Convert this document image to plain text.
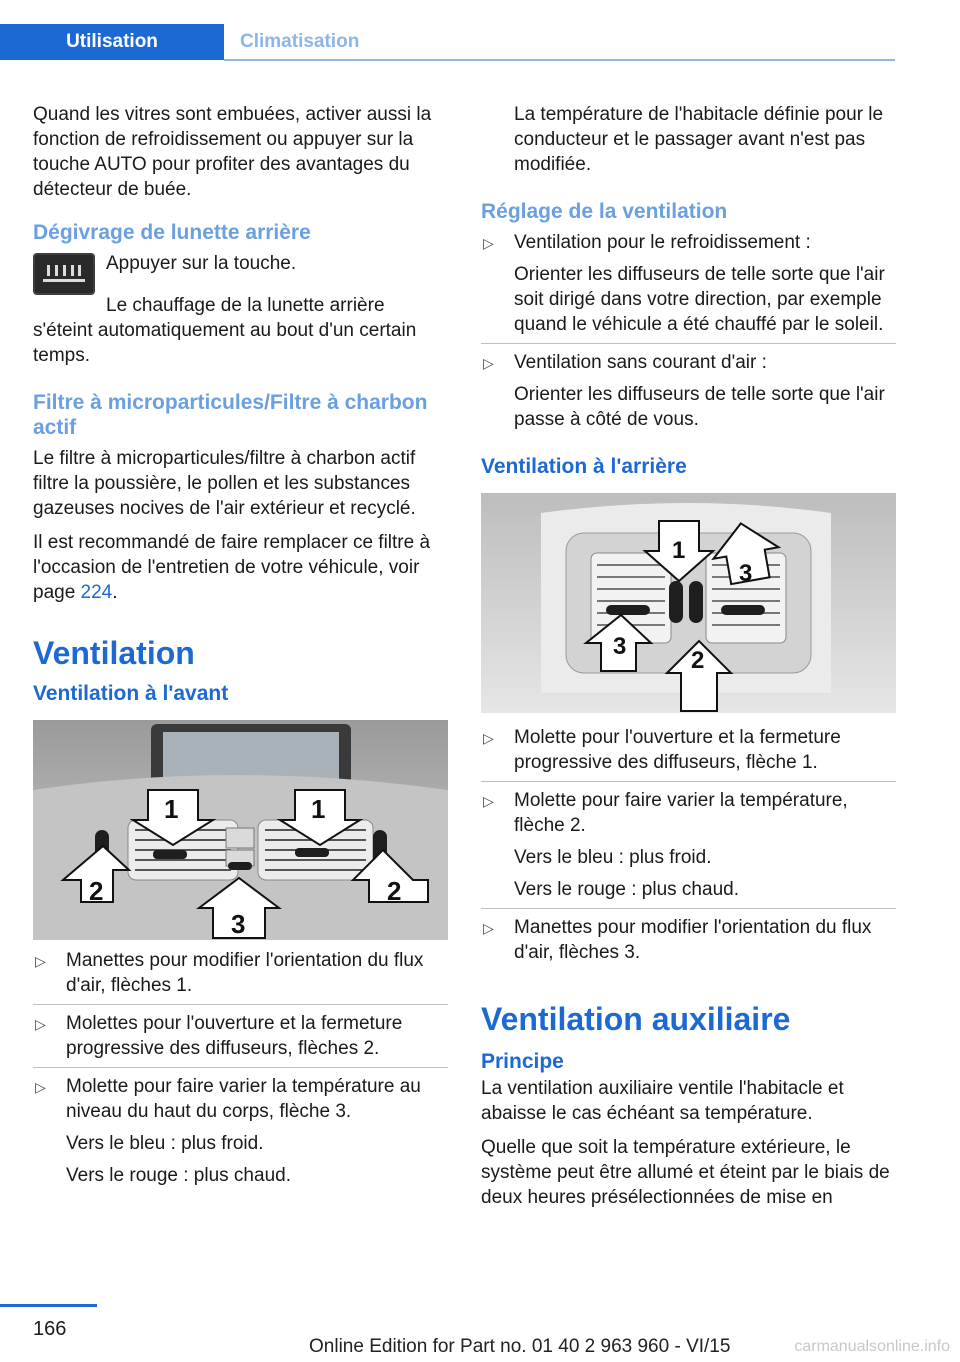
Utilisation	Climatisation

Quand les vitres sont embuées, activer aussi la fonction de refroidissement ou appuyer sur la touche AUTO pour profiter des avantages du détecteur de buée.

Dégivrage de lunette arrière

Appuyer sur la touche.

Le chauffage de la lunette arrière s'éteint automatiquement au bout d'un certain temps.

Filtre à microparticules/Filtre à charbon actif

Le filtre à microparticules/filtre à charbon actif filtre la poussière, le pollen et les substances gazeuses nocives de l'air extérieur et recyclé.

Il est recommandé de faire remplacer ce filtre à l'occasion de l'entretien de votre véhicule, voir page 224.

Ventilation
Ventilation à l'avant
1	1
2
3
2
▷ Manettes pour modifier l'orientation du flux d'air, flèches 1.
▷ Molettes pour l'ouverture et la fermeture progressive des diffuseurs, flèches 2.
▷ Molette pour faire varier la température au niveau du haut du corps, flèche 3.
Vers le bleu : plus froid.
Vers le rouge : plus chaud.

La température de l'habitacle définie pour le conducteur et le passager avant n'est pas modifiée.

Réglage de la ventilation
▷ Ventilation pour le refroidissement :
Orienter les diffuseurs de telle sorte que l'air soit dirigé dans votre direction, par exemple quand le véhicule a été chauffé par le soleil.
▷ Ventilation sans courant d'air :
Orienter les diffuseurs de telle sorte que l'air passe à côté de vous.
Ventilation à l'arrière
1
3
3
2
▷ Molette pour l'ouverture et la fermeture progressive des diffuseurs, flèche 1.
▷ Molette pour faire varier la température, flèche 2.
Vers le bleu : plus froid.
Vers le rouge : plus chaud.
▷ Manettes pour modifier l'orientation du flux d'air, flèches 3.
Ventilation auxiliaire
Principe

La ventilation auxiliaire ventile l'habitacle et abaisse le cas échéant sa température.

Quelle que soit la température extérieure, le système peut être allumé et éteint par le biais de deux heures présélectionnées de mise en

166
Online Edition for Part no. 01 40 2 963 960 - VI/15	carmanualsonline.info
